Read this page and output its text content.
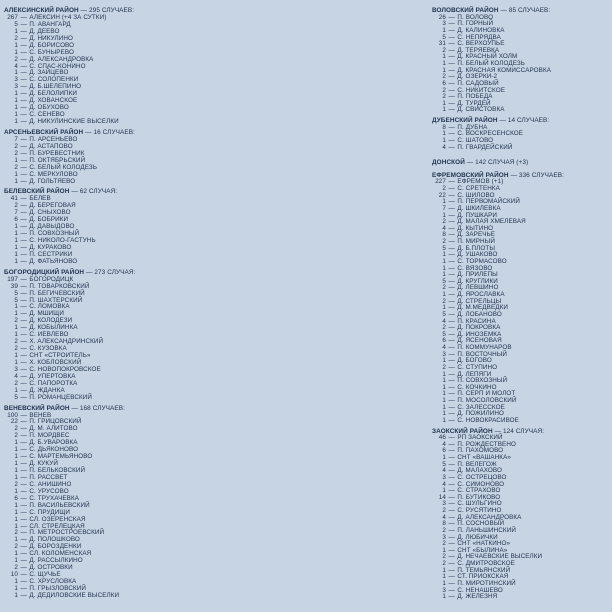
АЛЕКСИНСКИЙ РАЙОН — 295 СЛУЧАЕВ:
267 — АЛЕКСИН (+4 ЗА СУТКИ)
5 — П. АВАНГАРД
1 — Д. ДЕЕВО
2 — Д. НИКУЛИНО
1 — Д. БОРИСОВО
1 — С. БУНЫРЕВО
2 — Д. АЛЕКСАНДРОВКА
4 — С. СПАС-КОНИНО
1 — Д. ЗАЙЦЕВО
3 — С. СОЛОПЕНКИ
3 — Д. Б.ШЕЛЕПИНО
1 — Д. БЕЛОЛИПКИ
1 — Д. ХОВАНСКОЕ
1 — Д. ОБУХОВО
1 — С. СЕНЕВО
1 — Д. НИКУЛИНСКИЕ ВЫСЕЛКИ
АРСЕНЬЕВСКИЙ РАЙОН — 16 СЛУЧАЕВ:
7 — П. АРСЕНЬЕВО
2 — Д. АСТАПОВО
2 — П. БУРЕВЕСТНИК
1 — П. ОКТЯБРЬСКИЙ
2 — С. БЕЛЫЙ КОЛОДЕЗЬ
1 — С. МЕРКУЛОВО
1 — Д. ГОЛЬТЯЕВО
БЕЛЕВСКИЙ РАЙОН — 62 СЛУЧАЯ:
41 — БЕЛЕВ
2 — Д. БЕРЕГОВАЯ
7 — Д. СНЫХОВО
6 — Д. БОБРИКИ
1 — Д. ДАВЫДОВО
1 — П. СОВХОЗНЫЙ
1 — С. НИКОЛО-ГАСТУНЬ
1 — Д. КУРАКОВО
1 — П. СЕСТРИКИ
1 — Д. ФАТЬЯНОВО
БОГОРОДИЦКИЙ РАЙОН — 273 СЛУЧАЯ:
197 — БОГОРОДИЦК
39 — П. ТОВАРКОВСКИЙ
5 — П. БЕГИЧЕВСКИЙ
5 — П. ШАХТЕРСКИЙ
1 — С. ЛОМОВКА
1 — Д. МШИЩИ
2 — Д. КОЛОДЕЗИ
1 — Д. КОБЫЛИНКА
1 — С. ИЕВЛЕВО
2 — Х. АЛЕКСАНДРИНСКИЙ
2 — С. КУЗОВКА
1 — СНТ «СТРОИТЕЛЬ»
1 — Х. КОБЛОВСКИЙ
3 — С. НОВОПОКРОВСКОЕ
4 — Д. УПЕРТОВКА
2 — С. ПАПОРОТКА
1 — Д. ЖДАНКА
5 — П. РОМАНЦЕВСКИЙ
ВЕНЕВСКИЙ РАЙОН — 168 СЛУЧАЕВ:
100 — ВЕНЕВ
22 — П. ГРИЦОВСКИЙ
2 — Д. М. АЛИТОВО
2 — П. МОРДВЕС
1 — Д. Б.УВАРОВКА
1 — С. ДЬЯКОНОВО
1 — С. МАРТЕМЬЯНОВО
1 — Д. КУКУЙ
1 — П. БЕЛЬКОВСКИЙ
1 — П. РАССВЕТ
2 — С. АНИШИНО
1 — С. УРУСОВО
6 — С. ТРУХАЧЕВКА
1 — П. ВАСИЛЬЕВСКИЙ
1 — С. ПРУДИЩИ
1 — СЛ. ОЗЕРЕНСКАЯ
1 — СЛ. СТРЕЛЕЦКАЯ
2 — П. МЕТРОСТРОЕВСКИЙ
1 — Д. ПОЛОШКОВО
2 — Д. БОРОЗДЕНКИ
1 — СЛ. КОЛОМЕНСКАЯ
1 — Д. РАССЫЛКИНО
2 — Д. ОСТРОВКИ
10 — С. ЩУЧЬЕ
1 — С. ХРУСЛОВКА
1 — П. ГРЫЗЛОВСКИЙ
1 — Д. ДЕДИЛОВСКИЕ ВЫСЕЛКИ
ВОЛОВСКИЙ РАЙОН — 85 СЛУЧАЕВ:
26 — П. ВОЛОВО
3 — П. ГОРНЫЙ
1 — Д. КАЛИНОВКА
5 — С. НЕПРЯДВА
31 — С. ВЕРХОУПЬЕ
2 — Д. ТЕРЯЕВКА
1 — Д. КРАСНЫЙ ХОЛМ
1 — П. БЕЛЫЙ КОЛОДЕЗЬ
1 — Д. КРАСНАЯ КОМИССАРОВКА
2 — Д. ОЗЕРКИ-2
6 — П. САДОВЫЙ
2 — С. НИКИТСКОЕ
2 — П. ПОБЕДА
1 — Д. ТУРДЕЙ
1 — Д. СВИСТОВКА
ДУБЕНСКИЙ РАЙОН — 14 СЛУЧАЕВ:
8 — П. ДУБНА
1 — С. ВОСКРЕСЕНСКОЕ
1 — С. ШАТОВО
4 — П. ГВАРДЕЙСКИЙ
ДОНСКОЙ — 142 СЛУЧАЯ (+3)
ЕФРЕМОВСКИЙ РАЙОН — 336 СЛУЧАЕВ:
227 — ЕФРЕМОВ (+1)
2 — С. СРЕТЕНКА
22 — С. ШИЛОВО
1 — П. ПЕРВОМАЙСКИЙ
7 — Д. ШКИЛЕВКА
1 — Д. ПУШКАРИ
2 — Д. МАЛАЯ ХМЕЛЕВАЯ
4 — Д. КЫТИНО
8 — Д. ЗАРЕЧЬЕ
2 — П. МИРНЫЙ
5 — Д. Б.ПЛОТЫ
1 — Д. УШАКОВО
1 — С. ТОРМАСОВО
1 — С. ВЯЗОВО
1 — Д. ПРИЛЕПЫ
5 — Д. КРУГЛИКИ
2 — Д. ЛЕВШИНО
1 — Д. ЯРОСЛАВКА
2 — Д. СТРЕЛЬЦЫ
1 — Д. М.МЕДВЕДКИ
5 — Д. ЛОБАНОВО
4 — П. КРАСИНА
2 — Д. ПОКРОВКА
5 — Д. ИНОЗЕМКА
6 — Д. ЯСЕНОВАЯ
4 — П. КОММУНАРОВ
3 — П. ВОСТОЧНЫЙ
1 — Д. БОГОВО
2 — С. СТУПИНО
1 — Д. ЛЕПЯГИ
1 — П. СОВХОЗНЫЙ
1 — С. КОЧКИНО
1 — П. СЕРП И МОЛОТ
1 — П. МОСОЛОВСКИЙ
1 — С. ЗАЛЕССКОЕ
1 — Д. ПОЖИЛИНО
1 — С. НОВОКРАСИВОЕ
ЗАОКСКИЙ РАЙОН — 124 СЛУЧАЯ:
46 — РП ЗАОКСКИЙ
4 — П. РОЖДЕСТВЕНО
6 — П. ПАХОМОВО
1 — СНТ «ВАШАНКА»
5 — П. ВЕЛЕГОЖ
4 — Д. МАЛАХОВО
3 — С. ОСТРЕЦОВО
4 — С. СИМОНОВО
1 — С. СТРАХОВО
14 — П. БУТИКОВО
3 — С. ШУЛЬГИНО
2 — С. РУСЯТИНО
4 — Д. АЛЕКСАНДРОВКА
8 — П. СОСНОВЫЙ
2 — П. ЛАНЬШИНСКИЙ
3 — Д. ЛЮБИЧКИ
2 — СНТ «НАТКИНО»
1 — СНТ «БЫЛИНА»
2 — Д. НЕЧАЕВСКИЕ ВЫСЕЛКИ
2 — С. ДМИТРОВСКОЕ
1 — П. ТЕМЬЯНСКИЙ
1 — СТ. ПРИОКСКАЯ
1 — П. МИРОТИНСКИЙ
3 — С. НЕНАШЕВО
1 — Д. ЖЕЛЕЗНЯ
